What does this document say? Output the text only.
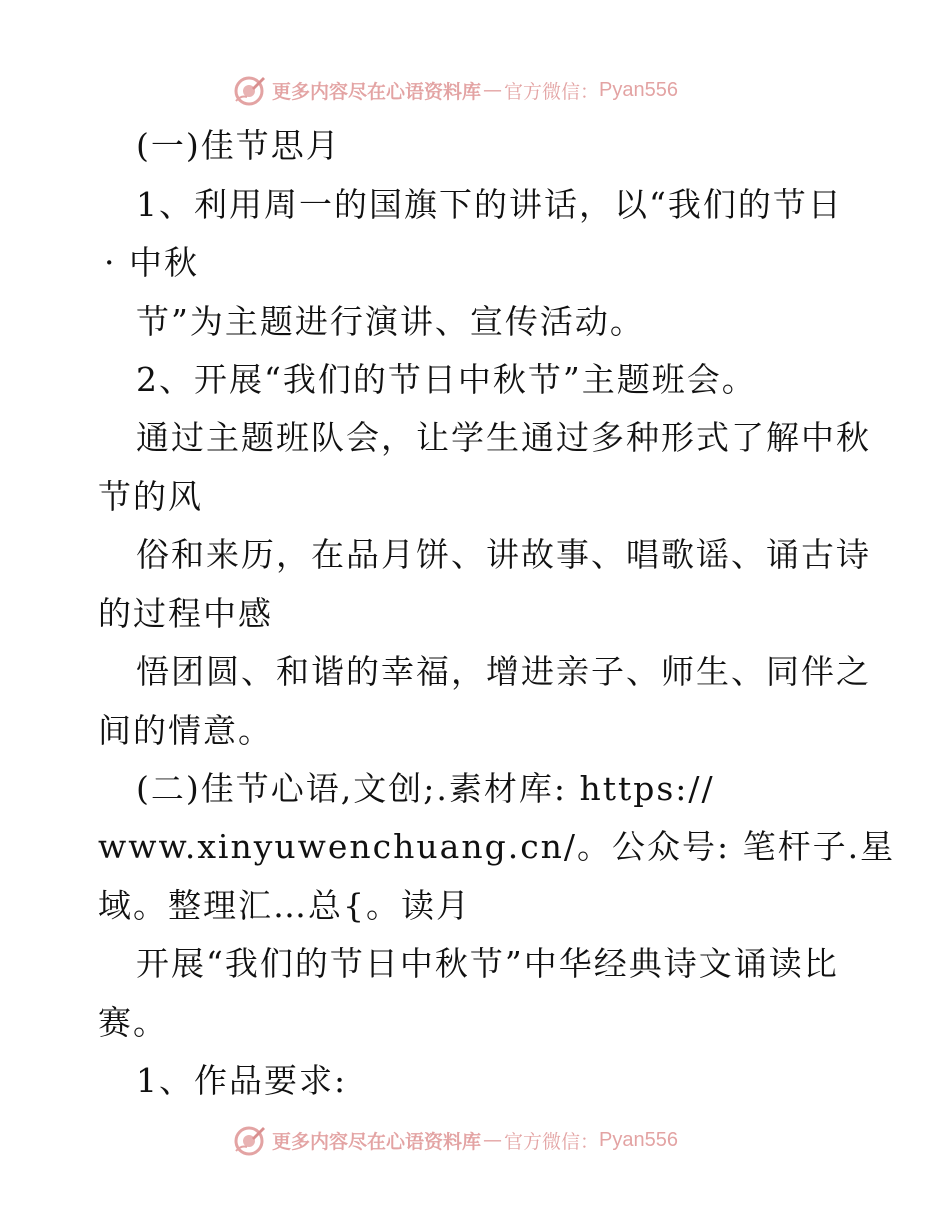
更多内容尽在心语资料库 — 官方微信： Pyan556
(一)佳节思月
1、利用周一的国旗下的讲话，以“我们的节日
· 中秋
节”为主题进行演讲、宣传活动。
2、开展“我们的节日中秋节”主题班会。
通过主题班队会，让学生通过多种形式了解中秋
节的风
俗和来历，在品月饼、讲故事、唱歌谣、诵古诗
的过程中感
悟团圆、和谐的幸福，增进亲子、师生、同伴之
间的情意。
(二)佳节心语,文创;.素材库: https://
www.xinyuwenchuang.cn/。公众号: 笔杆子.星
域。整理汇…总{。读月
开展“我们的节日中秋节”中华经典诗文诵读比
赛。
1、作品要求:
更多内容尽在心语资料库 — 官方微信： Pyan556
